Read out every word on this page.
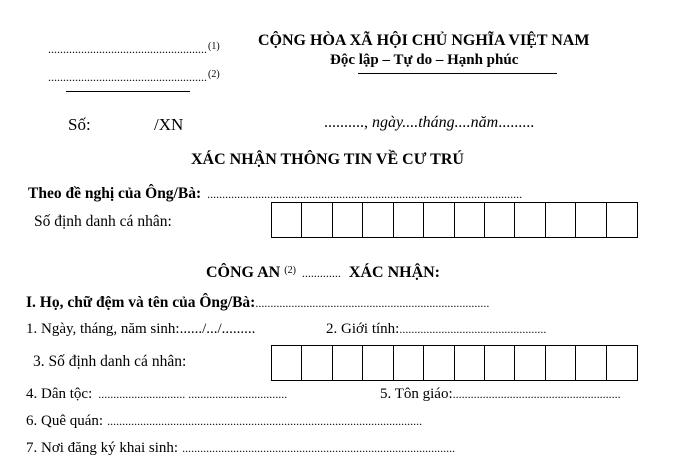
.....................................................$^{(1)}$
.....................................................$^{(2)}$
CỘNG HÒA XÃ HỘI CHỦ NGHĨA VIỆT NAM
Độc lập – Tự do – Hạnh phúc
Số:	/XN	.........., ngày....tháng....năm.........
XÁC NHẬN THÔNG TIN VỀ CƯ TRÚ
Theo đề nghị của Ông/Bà: .........................................................................................................
Số định danh cá nhân:
CÔNG AN $^{(2)}$ ............. XÁC NHẬN:
I. Họ, chữ đệm và tên của Ông/Bà:..............................................................................
1. Ngày, tháng, năm sinh:....../.../.........	2. Giới tính:.................................................
3. Số định danh cá nhân:
4. Dân tộc: ............................. .................................	5. Tôn giáo:........................................................
6. Quê quán: .........................................................................................................
7. Nơi đăng ký khai sinh: ...........................................................................................
